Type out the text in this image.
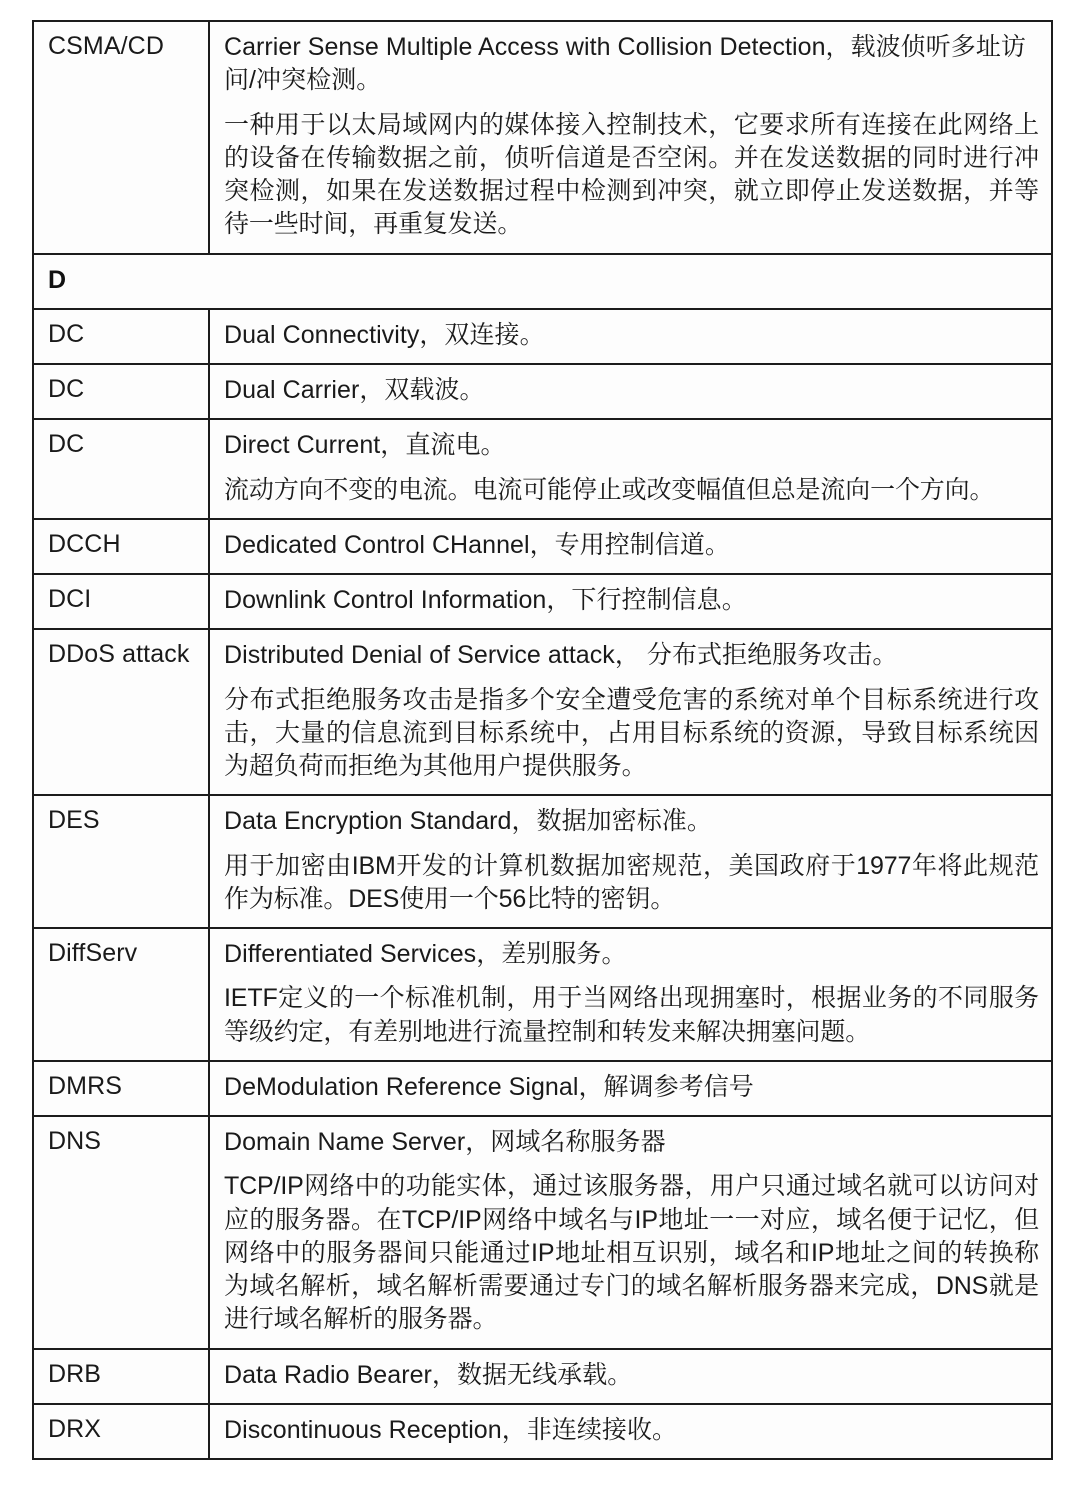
CSMA/CD	Carrier Sense Multiple Access with Collision Detection，载波侦听多址访问/冲突检测。

一种用于以太局域网内的媒体接入控制技术，它要求所有连接在此网络上的设备在传输数据之前，侦听信道是否空闲。并在发送数据的同时进行冲突检测，如果在发送数据过程中检测到冲突，就立即停止发送数据，并等待一些时间，再重复发送。

D	

DC	Dual Connectivity，双连接。

DC	Dual Carrier，双载波。

DC	Direct Current，直流电。

流动方向不变的电流。电流可能停止或改变幅值但总是流向一个方向。

DCCH	Dedicated Control CHannel，专用控制信道。

DCI	Downlink Control Information，下行控制信息。

DDoS attack	Distributed Denial of Service attack， 分布式拒绝服务攻击。

分布式拒绝服务攻击是指多个安全遭受危害的系统对单个目标系统进行攻击，大量的信息流到目标系统中，占用目标系统的资源，导致目标系统因为超负荷而拒绝为其他用户提供服务。

DES	Data Encryption Standard，数据加密标准。

用于加密由IBM开发的计算机数据加密规范，美国政府于1977年将此规范作为标准。DES使用一个56比特的密钥。

DiffServ	Differentiated Services，差别服务。

IETF定义的一个标准机制，用于当网络出现拥塞时，根据业务的不同服务等级约定，有差别地进行流量控制和转发来解决拥塞问题。

DMRS	DeModulation Reference Signal，解调参考信号

DNS	Domain Name Server，网域名称服务器

TCP/IP网络中的功能实体，通过该服务器，用户只通过域名就可以访问对应的服务器。在TCP/IP网络中域名与IP地址一一对应，域名便于记忆，但网络中的服务器间只能通过IP地址相互识别，域名和IP地址之间的转换称为域名解析，域名解析需要通过专门的域名解析服务器来完成，DNS就是进行域名解析的服务器。

DRB	Data Radio Bearer，数据无线承载。

DRX	Discontinuous Reception，非连续接收。
